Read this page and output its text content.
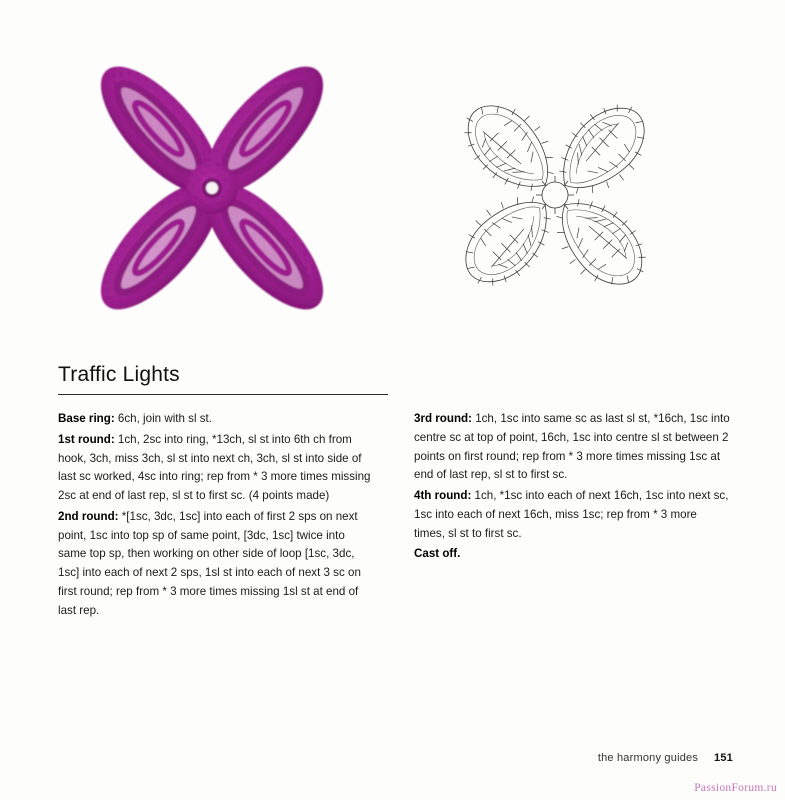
Traffic Lights

Base ring: 6ch, join with sl st.

1st round: 1ch, 2sc into ring, *13ch, sl st into 6th ch from hook, 3ch, miss 3ch, sl st into next ch, 3ch, sl st into side of last sc worked, 4sc into ring; rep from * 3 more times missing 2sc at end of last rep, sl st to first sc. (4 points made)

2nd round: *[1sc, 3dc, 1sc] into each of first 2 sps on next point, 1sc into top sp of same point, [3dc, 1sc] twice into same top sp, then working on other side of loop [1sc, 3dc, 1sc] into each of next 2 sps, 1sl st into each of next 3 sc on first round; rep from * 3 more times missing 1sl st at end of last rep.

3rd round: 1ch, 1sc into same sc as last sl st, *16ch, 1sc into centre sc at top of point, 16ch, 1sc into centre sl st between 2 points on first round; rep from * 3 more times missing 1sc at end of last rep, sl st to first sc.

4th round: 1ch, *1sc into each of next 16ch, 1sc into next sc, 1sc into each of next 16ch, miss 1sc; rep from * 3 more times, sl st to first sc.

Cast off.

the harmony guides 151
PassionForum.ru
